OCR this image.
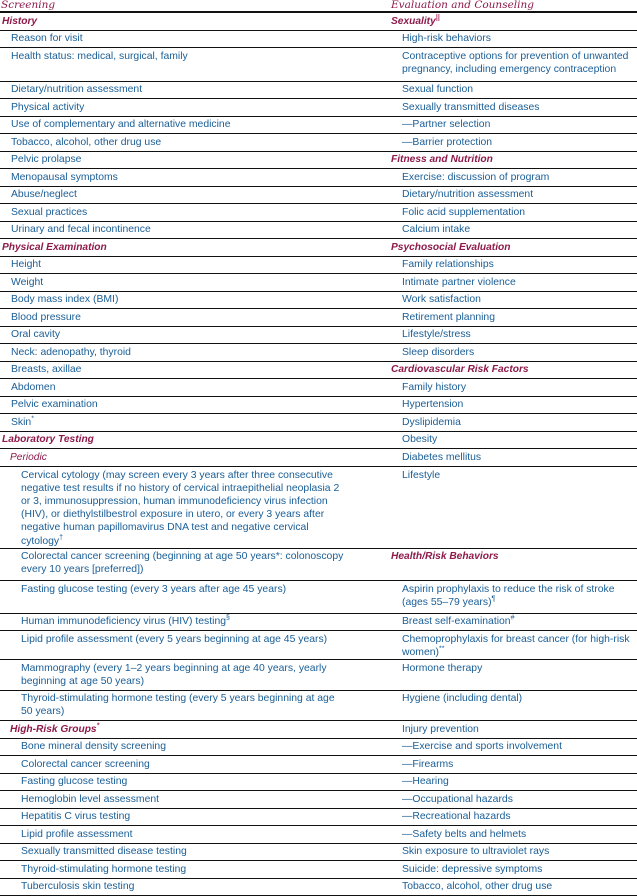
Screening	Evaluation and Counseling
History	Sexuality||
Reason for visit	High-risk behaviors
Health status: medical, surgical, family	Contraceptive options for prevention of unwanted pregnancy, including emergency contraception
Dietary/nutrition assessment	Sexual function
Physical activity	Sexually transmitted diseases
Use of complementary and alternative medicine	—Partner selection
Tobacco, alcohol, other drug use	—Barrier protection
Pelvic prolapse	Fitness and Nutrition
Menopausal symptoms	Exercise: discussion of program
Abuse/neglect	Dietary/nutrition assessment
Sexual practices	Folic acid supplementation
Urinary and fecal incontinence	Calcium intake
Physical Examination	Psychosocial Evaluation
Height	Family relationships
Weight	Intimate partner violence
Body mass index (BMI)	Work satisfaction
Blood pressure	Retirement planning
Oral cavity	Lifestyle/stress
Neck: adenopathy, thyroid	Sleep disorders
Breasts, axillae	Cardiovascular Risk Factors
Abdomen	Family history
Pelvic examination	Hypertension
Skin*	Dyslipidemia
Laboratory Testing	Obesity
Periodic	Diabetes mellitus
Cervical cytology (may screen every 3 years after three consecutive negative test results if no history of cervical intraepithelial neoplasia 2 or 3, immunosuppression, human immunodeficiency virus infection (HIV), or diethylstilbestrol exposure in utero, or every 3 years after negative human papillomavirus DNA test and negative cervical cytology†	Lifestyle
Colorectal cancer screening (beginning at age 50 years*: colonoscopy every 10 years [preferred])	Health/Risk Behaviors
Fasting glucose testing (every 3 years after age 45 years)	Aspirin prophylaxis to reduce the risk of stroke (ages 55–79 years)¶
Human immunodeficiency virus (HIV) testing§	Breast self-examination#
Lipid profile assessment (every 5 years beginning at age 45 years)	Chemoprophylaxis for breast cancer (for high-risk women)**
Mammography (every 1–2 years beginning at age 40 years, yearly beginning at age 50 years)	Hormone therapy
Thyroid-stimulating hormone testing (every 5 years beginning at age 50 years)	Hygiene (including dental)
High-Risk Groups*	Injury prevention
Bone mineral density screening	—Exercise and sports involvement
Colorectal cancer screening	—Firearms
Fasting glucose testing	—Hearing
Hemoglobin level assessment	—Occupational hazards
Hepatitis C virus testing	—Recreational hazards
Lipid profile assessment	—Safety belts and helmets
Sexually transmitted disease testing	Skin exposure to ultraviolet rays
Thyroid-stimulating hormone testing	Suicide: depressive symptoms
Tuberculosis skin testing	Tobacco, alcohol, other drug use
